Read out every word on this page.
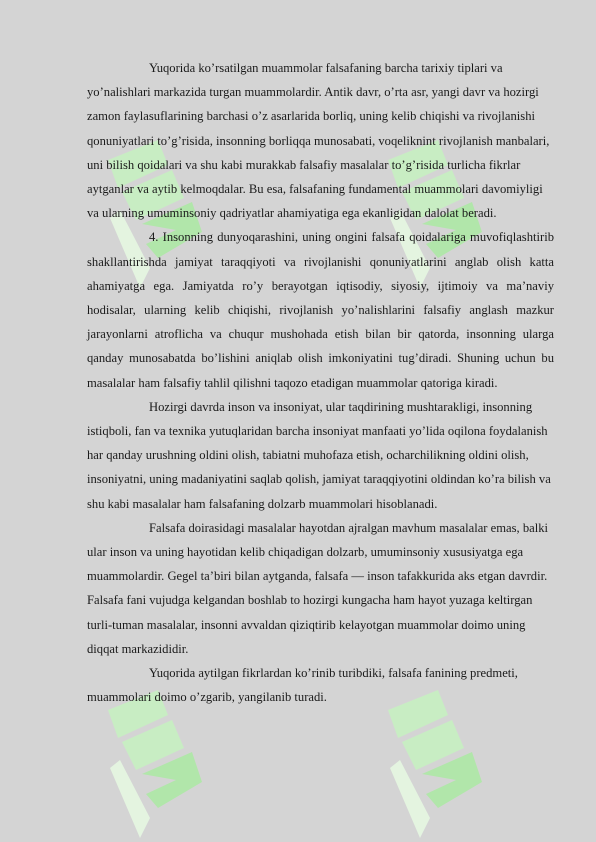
Yuqorida ko’rsatilgan muammolar falsafaning barcha tarixiy tiplari va yo’nalishlari markazida turgan muammolardir. Antik davr, o’rta asr, yangi davr va hozirgi zamon faylasuflarining barchasi o’z asarlarida borliq, uning kelib chiqishi va rivojlanishi qonuniyatlari to’g’risida, insonning borliqqa munosabati, voqeliknint rivojlanish manbalari, uni bilish qoidalari va shu kabi murakkab falsafiy masalalar to’g’risida turlicha fikrlar aytganlar va aytib kelmoqdalar. Bu esa, falsafaning fundamental muammolari davomiyligi va ularning umuminsoniy qadriyatlar ahamiyatiga ega ekanligidan dalolat beradi.

4. Insonning dunyoqarashini, uning ongini falsafa qoidalariga muvofiqlashtirib shakllantirishda jamiyat taraqqiyoti va rivojlanishi qonuniyatlarini anglab olish katta ahamiyatga ega. Jamiyatda ro’y berayotgan iqtisodiy, siyosiy, ijtimoiy va ma’naviy hodisalar, ularning kelib chiqishi, rivojlanish yo’nalishlarini falsafiy anglash mazkur jarayonlarni atroflicha va chuqur mushohada etish bilan bir qatorda, insonning ularga qanday munosabatda bo’lishini aniqlab olish imkoniyatini tug’diradi. Shuning uchun bu masalalar ham falsafiy tahlil qilishni taqozo etadigan muammolar qatoriga kiradi.

Hozirgi davrda inson va insoniyat, ular taqdirining mushtarakligi, insonning istiqboli, fan va texnika yutuqlaridan barcha insoniyat manfaati yo’lida oqilona foydalanish har qanday urushning oldini olish, tabiatni muhofaza etish, ocharchilikning oldini olish, insoniyatni, uning madaniyatini saqlab qolish, jamiyat taraqqiyotini oldindan ko’ra bilish va shu kabi masalalar ham falsafaning dolzarb muammolari hisoblanadi.

Falsafa doirasidagi masalalar hayotdan ajralgan mavhum masalalar emas, balki ular inson va uning hayotidan kelib chiqadigan dolzarb, umuminsoniy xususiyatga ega muammolardir. Gegel ta’biri bilan aytganda, falsafa — inson tafakkurida aks etgan davrdir. Falsafa fani vujudga kelgandan boshlab to hozirgi kungacha ham hayot yuzaga keltirgan turli-tuman masalalar, insonni avvaldan qiziqtirib kelayotgan muammolar doimo uning diqqat markazididir.

Yuqorida aytilgan fikrlardan ko’rinib turibdiki, falsafa fanining predmeti, muammolari doimo o’zgarib, yangilanib turadi.
